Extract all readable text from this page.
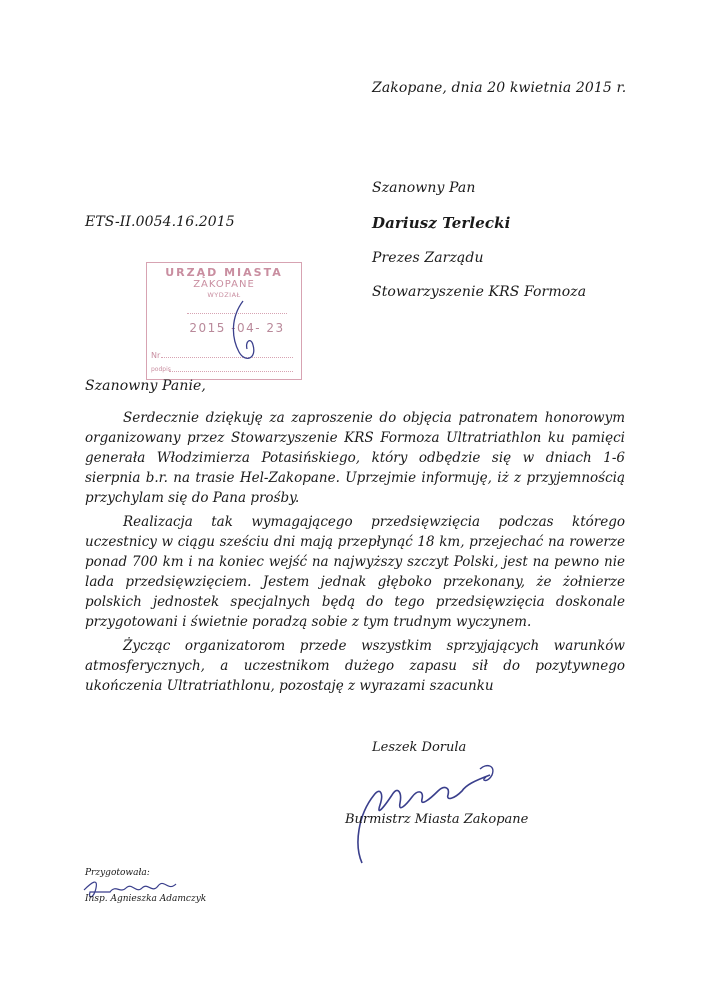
Zakopane, dnia 20 kwietnia 2015 r.
Szanowny Pan
ETS-II.0054.16.2015	Dariusz Terlecki
Prezes Zarządu
Stowarzyszenie KRS Formoza
URZĄD MIASTA
ZAKOPANE
WYDZIAŁ
2015 -04- 23
Nr
podpis
Szanowny Panie,
Serdecznie dziękuję za zaproszenie do objęcia patronatem honorowym organizowany przez Stowarzyszenie KRS Formoza Ultratriathlon ku pamięci generała Włodzimierza Potasińskiego, który odbędzie się w dniach 1-6 sierpnia b.r. na trasie Hel-Zakopane. Uprzejmie informuję, iż z przyjemnością przychylam się do Pana prośby.
Realizacja tak wymagającego przedsięwzięcia podczas którego uczestnicy w ciągu sześciu dni mają przepłynąć 18 km, przejechać na rowerze ponad 700 km i na koniec wejść na najwyższy szczyt Polski, jest na pewno nie lada przedsięwzięciem. Jestem jednak głęboko przekonany, że żołnierze polskich jednostek specjalnych będą do tego przedsięwzięcia doskonale przygotowani i świetnie poradzą sobie z tym trudnym wyczynem.
Życząc organizatorom przede wszystkim sprzyjających warunków atmosferycznych, a uczestnikom dużego zapasu sił do pozytywnego ukończenia Ultratriathlonu, pozostaję z wyrazami szacunku
Leszek Dorula
Burmistrz Miasta Zakopane
Przygotowała:
Insp. Agnieszka Adamczyk
